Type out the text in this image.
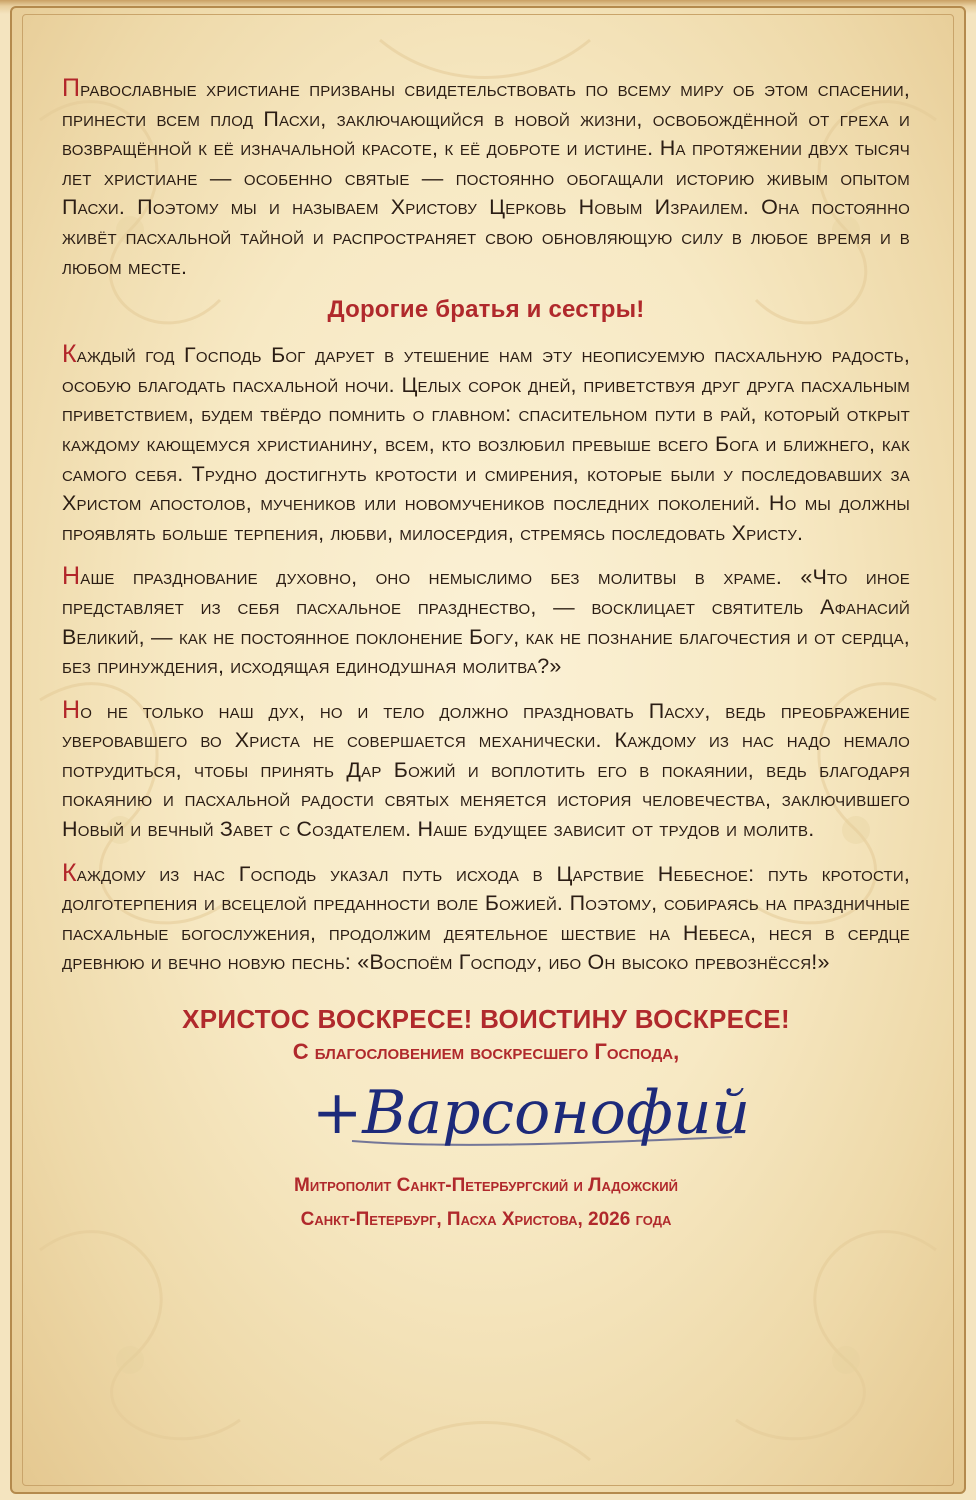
Православные христиане призваны свидетельствовать по всему миру об этом спасении, принести всем плод Пасхи, заключающийся в новой жизни, освобождённой от греха и возвращённой к её изначальной красоте, к её доброте и истине. На протяжении двух тысяч лет христиане — особенно святые — постоянно обогащали историю живым опытом Пасхи. Поэтому мы и называем Христову Церковь Новым Израилем. Она постоянно живёт пасхальной тайной и распространяет свою обновляющую силу в любое время и в любом месте.

Дорогие братья и сестры!

Каждый год Господь Бог дарует в утешение нам эту неописуемую пасхальную радость, особую благодать пасхальной ночи. Целых сорок дней, приветствуя друг друга пасхальным приветствием, будем твёрдо помнить о главном: спасительном пути в рай, который открыт каждому кающемуся христианину, всем, кто возлюбил превыше всего Бога и ближнего, как самого себя. Трудно достигнуть кротости и смирения, которые были у последовавших за Христом апостолов, мучеников или новомучеников последних поколений. Но мы должны проявлять больше терпения, любви, милосердия, стремясь последовать Христу.

Наше празднование духовно, оно немыслимо без молитвы в храме. «Что иное представляет из себя пасхальное празднество, — восклицает святитель Афанасий Великий, — как не постоянное поклонение Богу, как не познание благочестия и от сердца, без принуждения, исходящая единодушная молитва?»

Но не только наш дух, но и тело должно праздновать Пасху, ведь преображение уверовавшего во Христа не совершается механически. Каждому из нас надо немало потрудиться, чтобы принять Дар Божий и воплотить его в покаянии, ведь благодаря покаянию и пасхальной радости святых меняется история человечества, заключившего Новый и вечный Завет с Создателем. Наше будущее зависит от трудов и молитв.

Каждому из нас Господь указал путь исхода в Царствие Небесное: путь кротости, долготерпения и всецелой преданности воле Божией. Поэтому, собираясь на праздничные пасхальные богослужения, продолжим деятельное шествие на Небеса, неся в сердце древнюю и вечно новую песнь: «Воспоём Господу, ибо Он высоко превознёсся!»

ХРИСТОС ВОСКРЕСЕ! ВОИСТИНУ ВОСКРЕСЕ!
С благословением воскресшего Господа,
+Варсонофий
Митрополит Санкт-Петербургский и Ладожский
Санкт-Петербург, Пасха Христова, 2026 года
